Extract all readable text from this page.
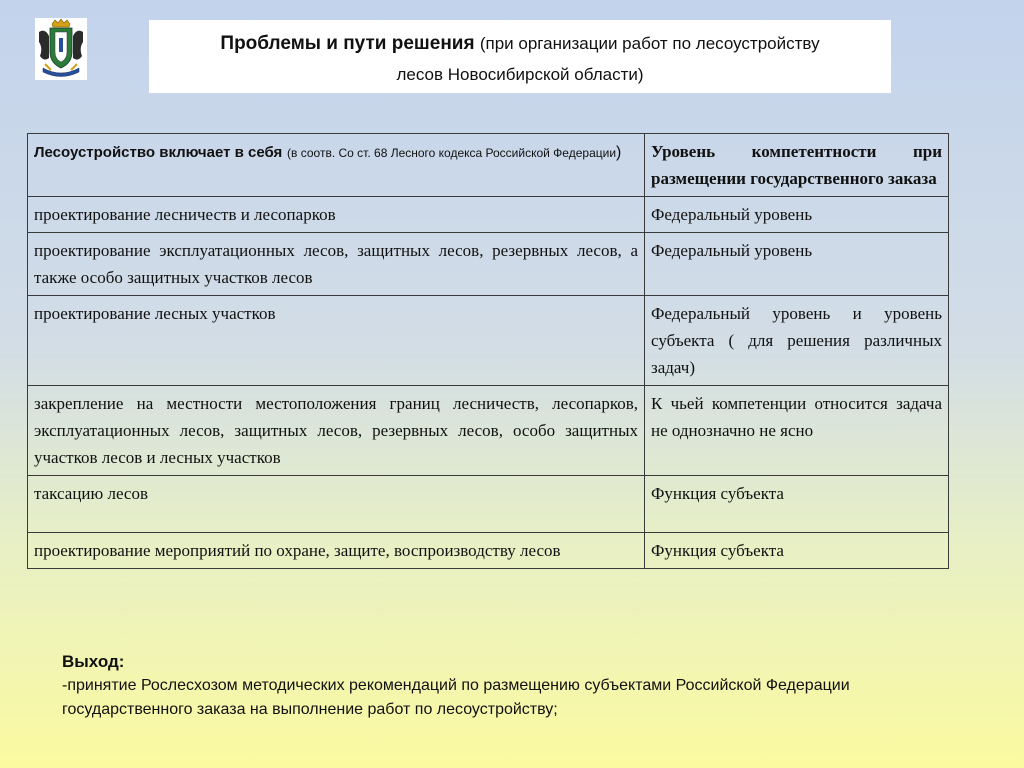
Проблемы и пути решения (при организации работ по лесоустройству
лесов Новосибирской области)
Лесоустройство включает в себя (в соотв. Со ст. 68 Лесного кодекса Российской Федерации)	Уровень компетентности при размещении государственного заказа
проектирование лесничеств и лесопарков	Федеральный уровень
проектирование эксплуатационных лесов, защитных лесов, резервных лесов, а также особо защитных участков лесов	Федеральный уровень
проектирование лесных участков	Федеральный уровень и уровень субъекта ( для решения различных задач)
закрепление на местности местоположения границ лесничеств, лесопарков, эксплуатационных лесов, защитных лесов, резервных лесов, особо защитных участков лесов и лесных участков	К чьей компетенции относится задача не однозначно не ясно
таксацию лесов	Функция субъекта
проектирование мероприятий по охране, защите, воспроизводству лесов	Функция субъекта
Выход:
-принятие Рослесхозом методических рекомендаций по размещению субъектами Российской Федерации государственного заказа на выполнение работ по лесоустройству;
